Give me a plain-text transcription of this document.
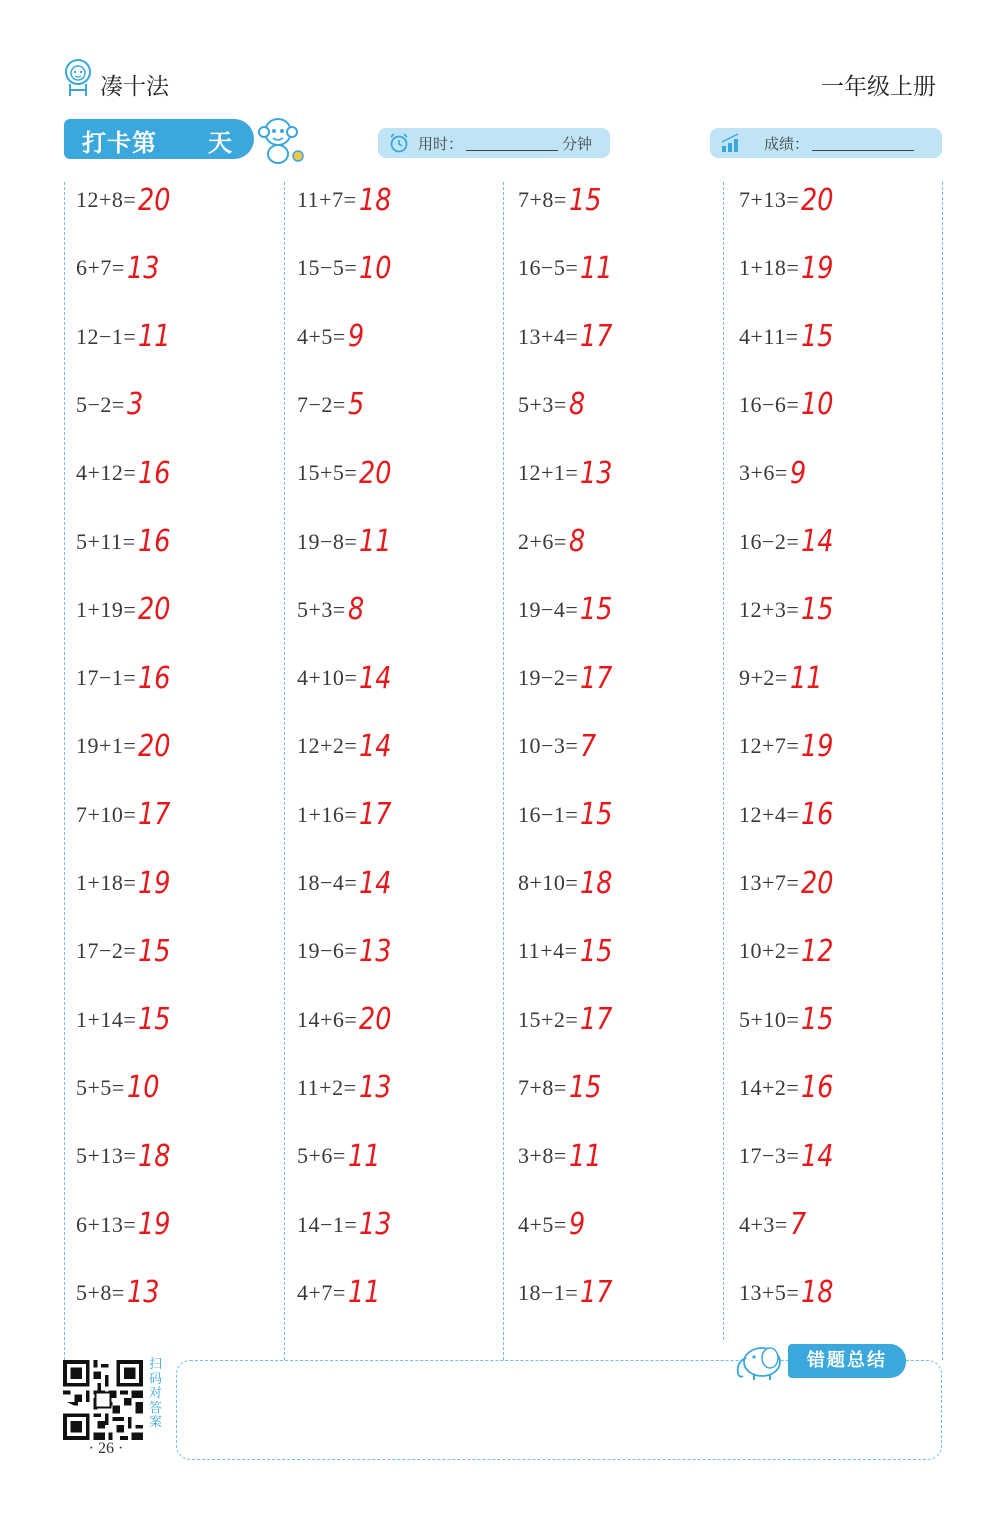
凑十法	一年级上册
打卡第 天	用时：	分钟	成绩：
12+8= 20
6+7= 13
12−1= 11
5−2= 3
4+12= 16
5+11= 16
1+19= 20
17−1= 16
19+1= 20
7+10= 17
1+18= 19
17−2= 15
1+14= 15
5+5= 10
5+13= 18
6+13= 19
5+8= 13
11+7= 18
15−5= 10
4+5= 9
7−2= 5
15+5= 20
19−8= 11
5+3= 8
4+10= 14
12+2= 14
1+16= 17
18−4= 14
19−6= 13
14+6= 20
11+2= 13
5+6= 11
14−1= 13
4+7= 11
7+8= 15
16−5= 11
13+4= 17
5+3= 8
12+1= 13
2+6= 8
19−4= 15
19−2= 17
10−3= 7
16−1= 15
8+10= 18
11+4= 15
15+2= 17
7+8= 15
3+8= 11
4+5= 9
18−1= 17
7+13= 20
1+18= 19
4+11= 15
16−6= 10
3+6= 9
16−2= 14
12+3= 15
9+2= 11
12+7= 19
12+4= 16
13+7= 20
10+2= 12
5+10= 15
14+2= 16
17−3= 14
4+3= 7
13+5= 18
扫码对答案
· 26 ·
错题总结
